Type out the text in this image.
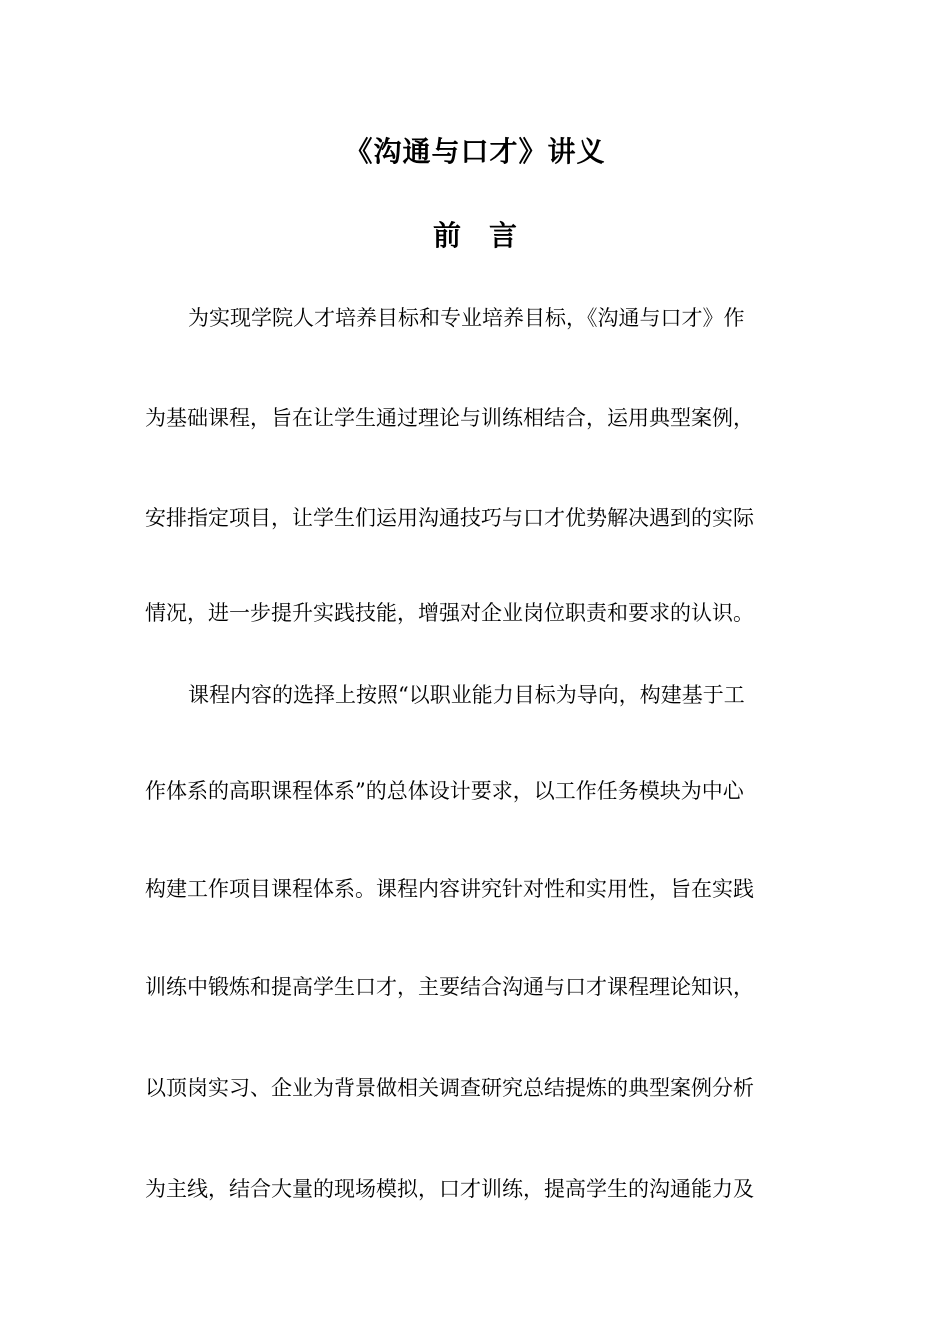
《沟通与口才》讲义
前　言
为实现学院人才培养目标和专业培养目标，《沟通与口才》作
为基础课程，旨在让学生通过理论与训练相结合，运用典型案例，
安排指定项目，让学生们运用沟通技巧与口才优势解决遇到的实际
情况，进一步提升实践技能，增强对企业岗位职责和要求的认识。
课程内容的选择上按照“以职业能力目标为导向，构建基于工
作体系的高职课程体系”的总体设计要求，以工作任务模块为中心
构建工作项目课程体系。课程内容讲究针对性和实用性，旨在实践
训练中锻炼和提高学生口才，主要结合沟通与口才课程理论知识，
以顶岗实习、企业为背景做相关调查研究总结提炼的典型案例分析
为主线，结合大量的现场模拟，口才训练，提高学生的沟通能力及
